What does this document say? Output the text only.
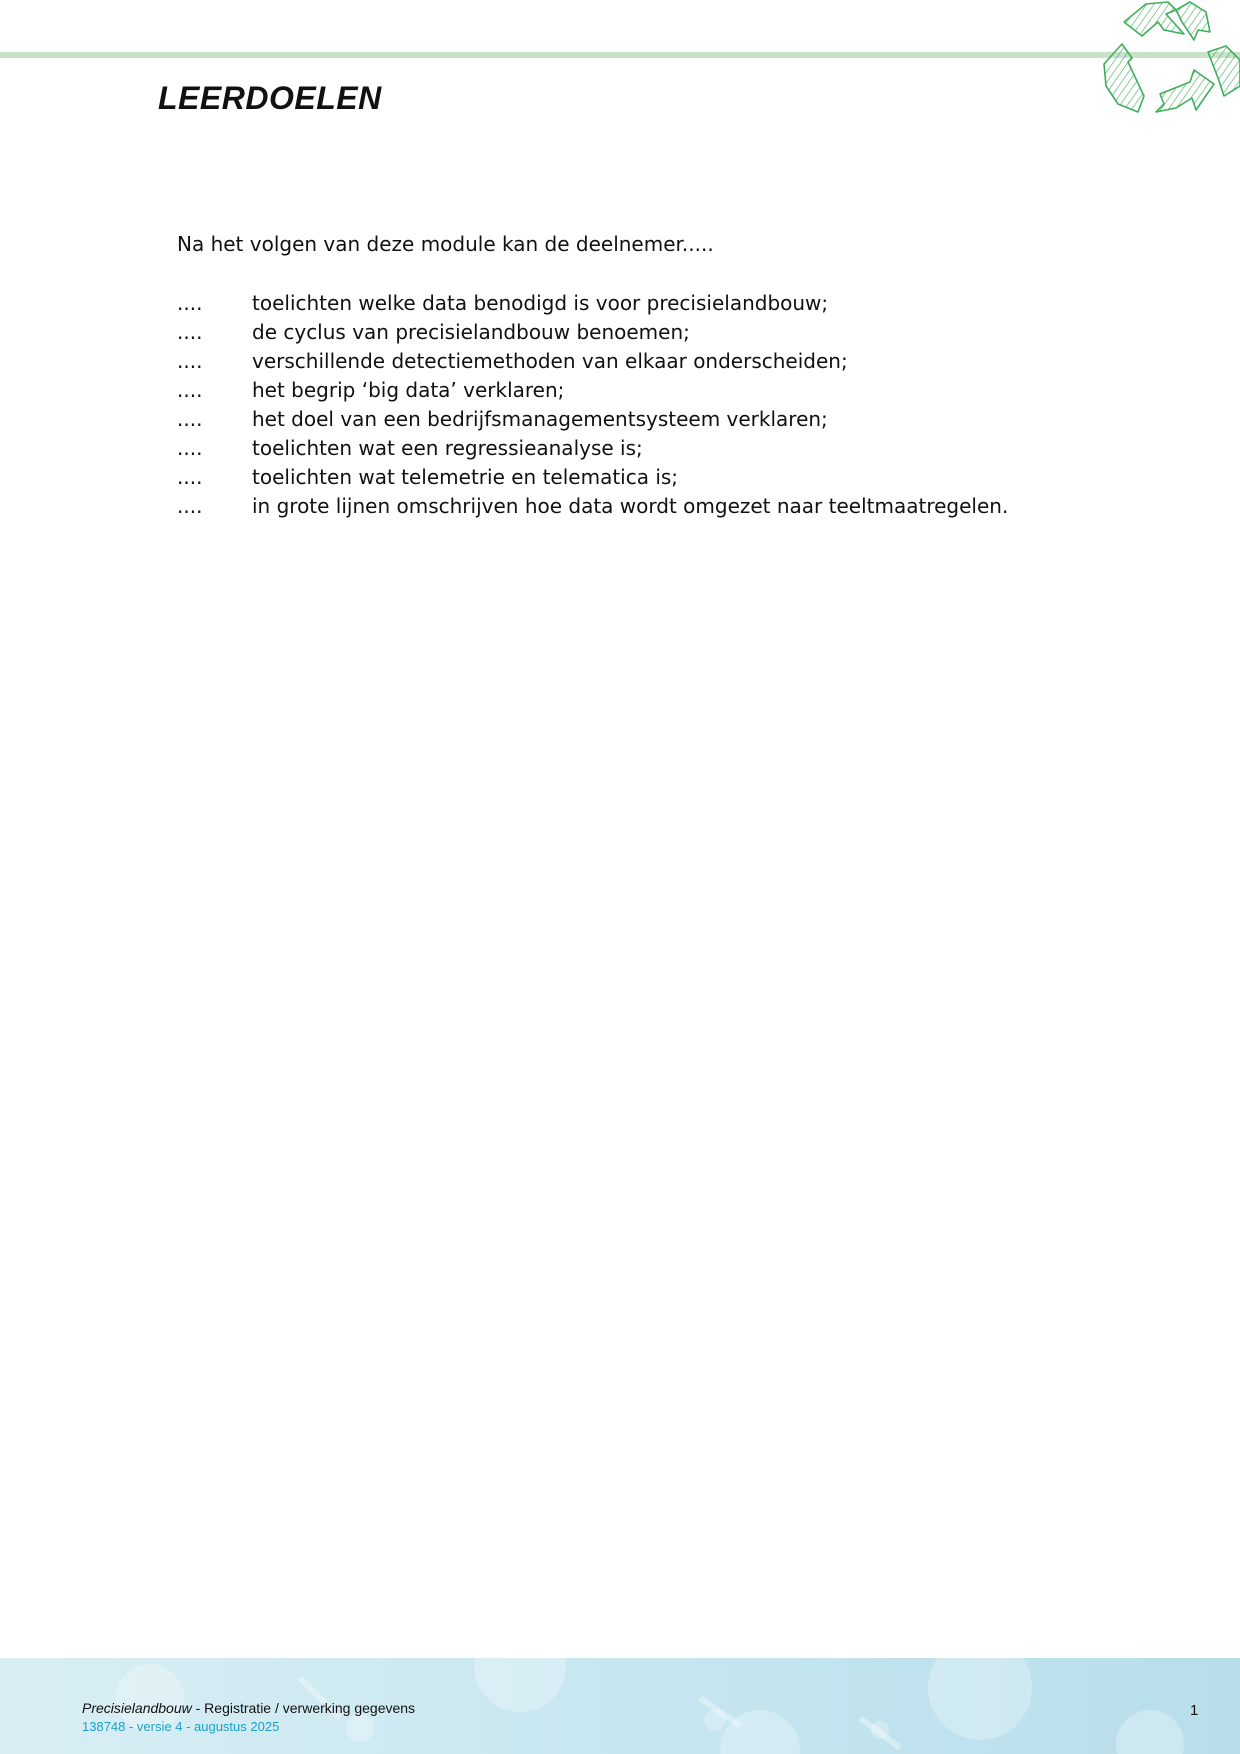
LEERDOELEN

Na het volgen van deze module kan de deelnemer.....

....	toelichten welke data benodigd is voor precisielandbouw;
....	de cyclus van precisielandbouw benoemen;
....	verschillende detectiemethoden van elkaar onderscheiden;
....	het begrip ‘big data’ verklaren;
....	het doel van een bedrijfsmanagementsysteem verklaren;
....	toelichten wat een regressieanalyse is;
....	toelichten wat telemetrie en telematica is;
....	in grote lijnen omschrijven hoe data wordt omgezet naar teeltmaatregelen.
Precisielandbouw - Registratie / verwerking gegevens
138748 - versie 4 - augustus 2025
1
